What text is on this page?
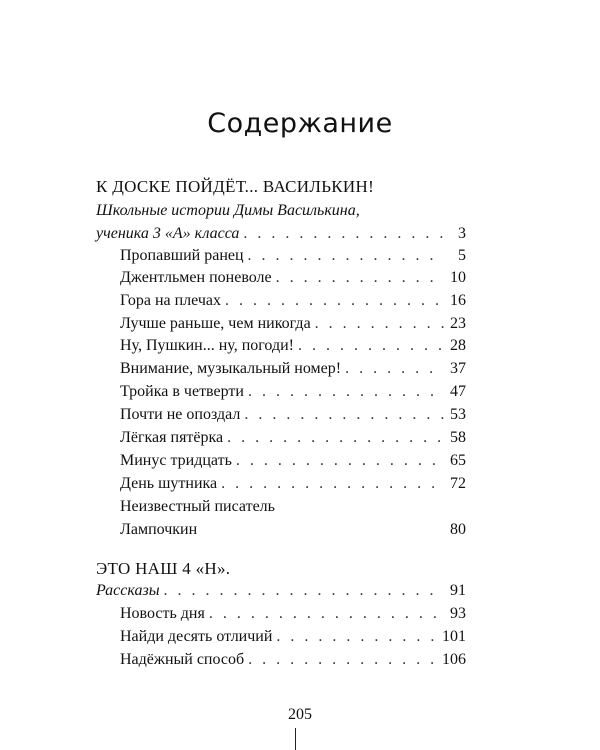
Содержание
К ДОСКЕ ПОЙДЁТ... ВАСИЛЬКИН!
Школьные истории Димы Василькина,
ученика 3 «А» класса . . .	3
Пропавший ранец . . .	5
Джентльмен поневоле . . .	10
Гора на плечах . . .	16
Лучше раньше, чем никогда . . .	23
Ну, Пушкин... ну, погоди! . . .	28
Внимание, музыкальный номер! . . .	37
Тройка в четверти . . .	47
Почти не опоздал . . .	53
Лёгкая пятёрка . . .	58
Минус тридцать . . .	65
День шутника . . .	72
Неизвестный писатель
Лампочкин	80
ЭТО НАШ 4 «Н».
Рассказы . . .	91
Новость дня . . .	93
Найди десять отличий . . .	101
Надёжный способ . . .	106
205
